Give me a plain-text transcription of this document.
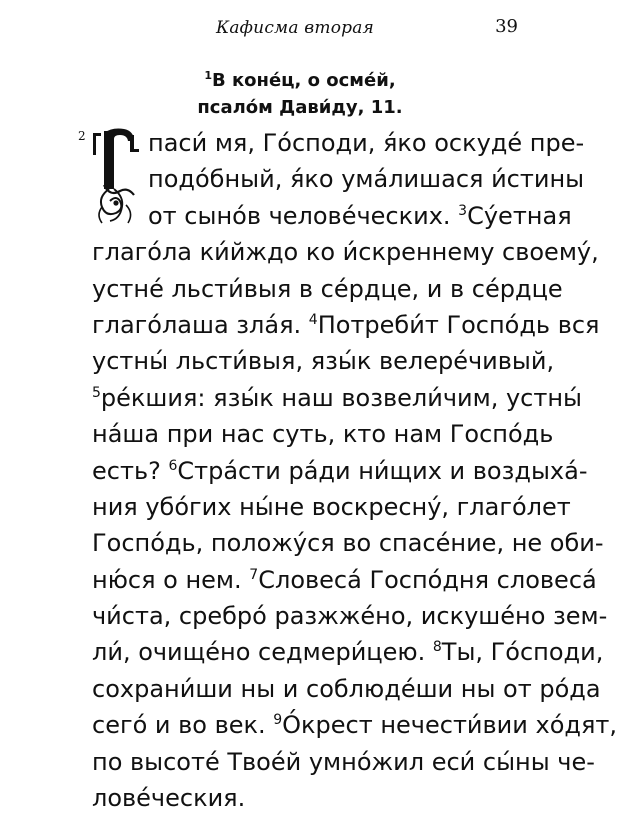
Кафисма вторая	39
$^1$В коне́ц, о осме́й,
псало́м Дави́ду, 11.
2	паси́ мя, Го́споди, я́ко оскуде́ пре-
подо́бный, я́ко ума́лишася и́стины
от сыно́в челове́ческих. $^3$Су́етная
глаго́ла ки́йждо ко и́скреннему своему́,
устне́ льсти́выя в се́рдце, и в се́рдце
глаго́лаша зла́я. $^4$Потреби́т Госпо́дь вся
устны́ льсти́выя, язы́к велере́чивый,
$^5$ре́кшия: язы́к наш возвели́чим, устны́
на́ша при нас суть, кто нам Госпо́дь
есть? $^6$Стра́сти ра́ди ни́щих и воздыха́-
ния убо́гих ны́не воскресну́, глаго́лет
Госпо́дь, положу́ся во спасе́ние, не оби-
ню́ся о нем. $^7$Словеса́ Госпо́дня словеса́
чи́ста, сребро́ разжже́но, искуше́но зем-
ли́, очище́но седмери́цею. $^8$Ты, Го́споди,
сохрани́ши ны и соблюде́ши ны от ро́да
сего́ и во век. $^9$О́крест нечести́вии хо́дят,
по высоте́ Твое́й умно́жил еси́ сы́ны че-
лове́ческия.
